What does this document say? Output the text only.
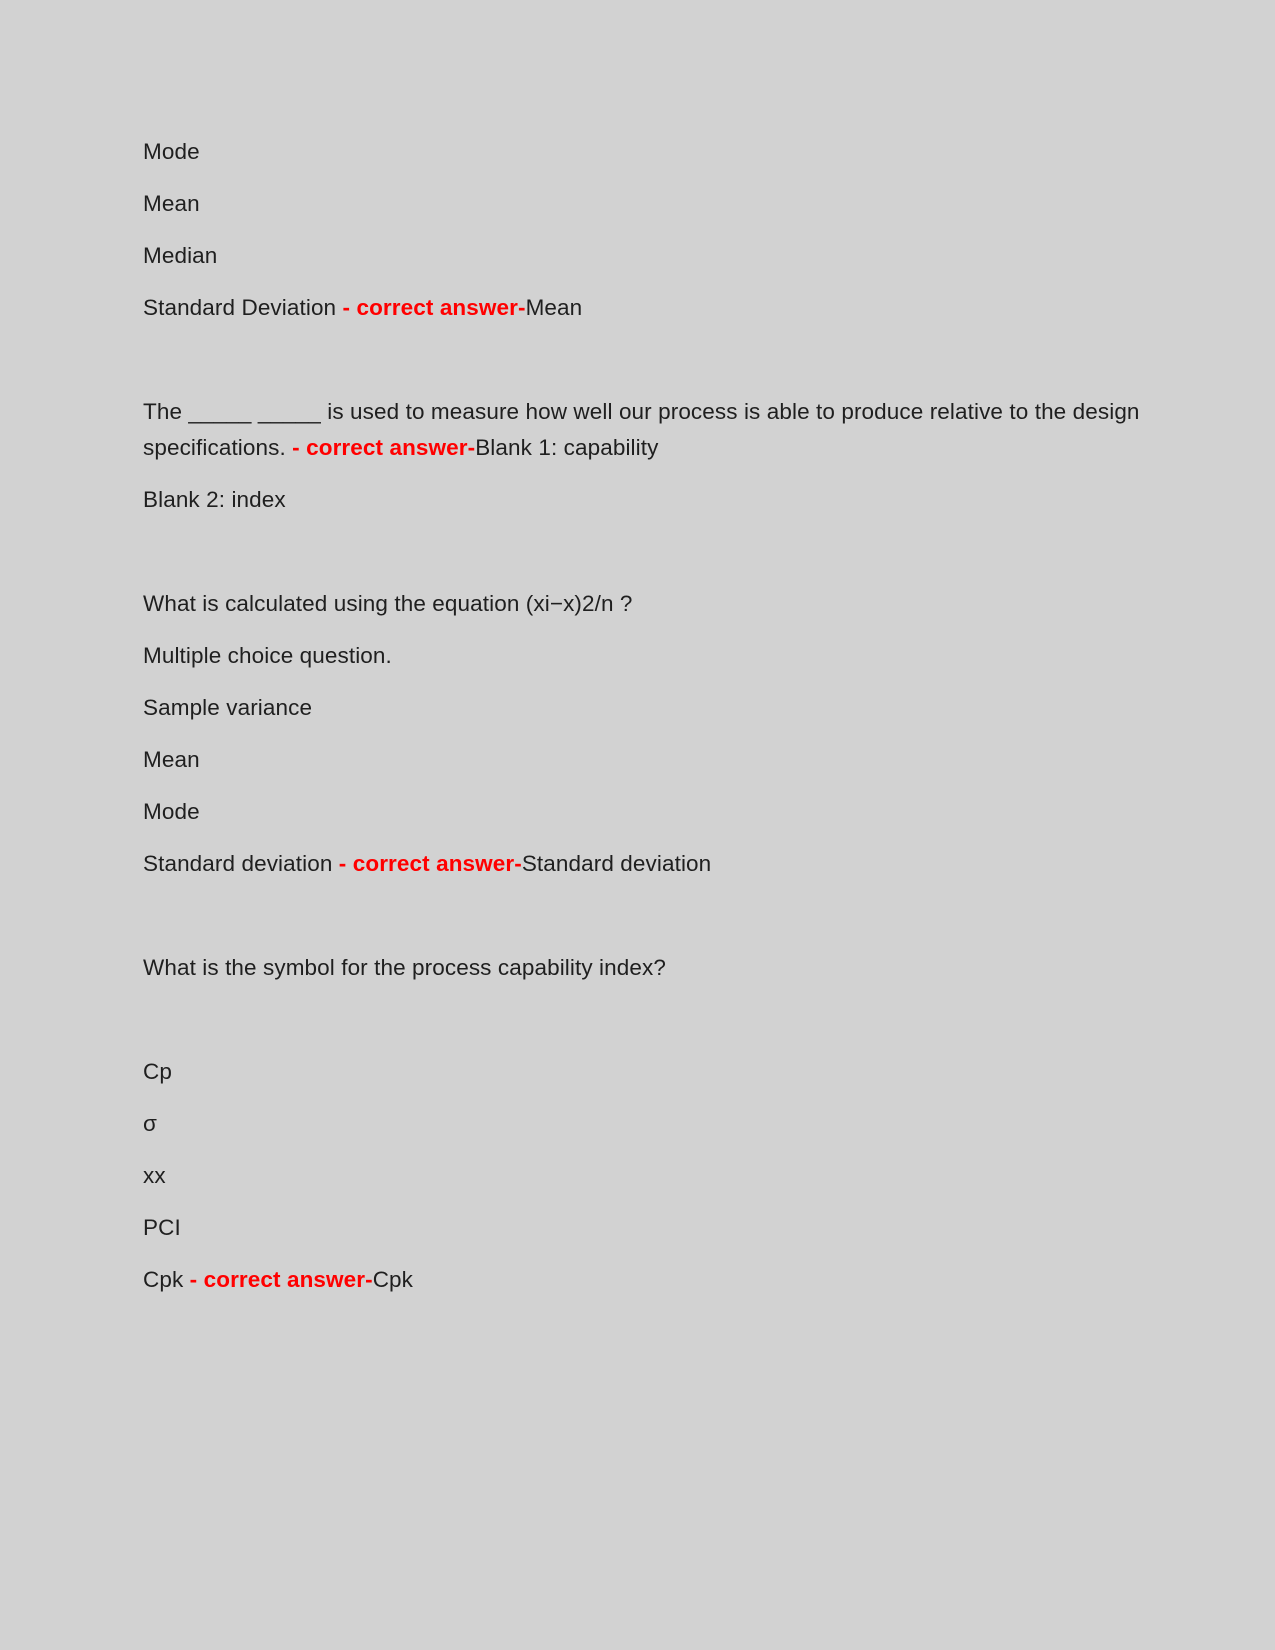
Mode

Mean

Median

Standard Deviation - correct answer-Mean

The _____ _____ is used to measure how well our process is able to produce relative to the design specifications. - correct answer-Blank 1: capability

Blank 2: index

What is calculated using the equation (xi−x)2/n ?

Multiple choice question.

Sample variance

Mean

Mode

Standard deviation - correct answer-Standard deviation

What is the symbol for the process capability index?

Cp

σ

xx

PCI

Cpk - correct answer-Cpk
